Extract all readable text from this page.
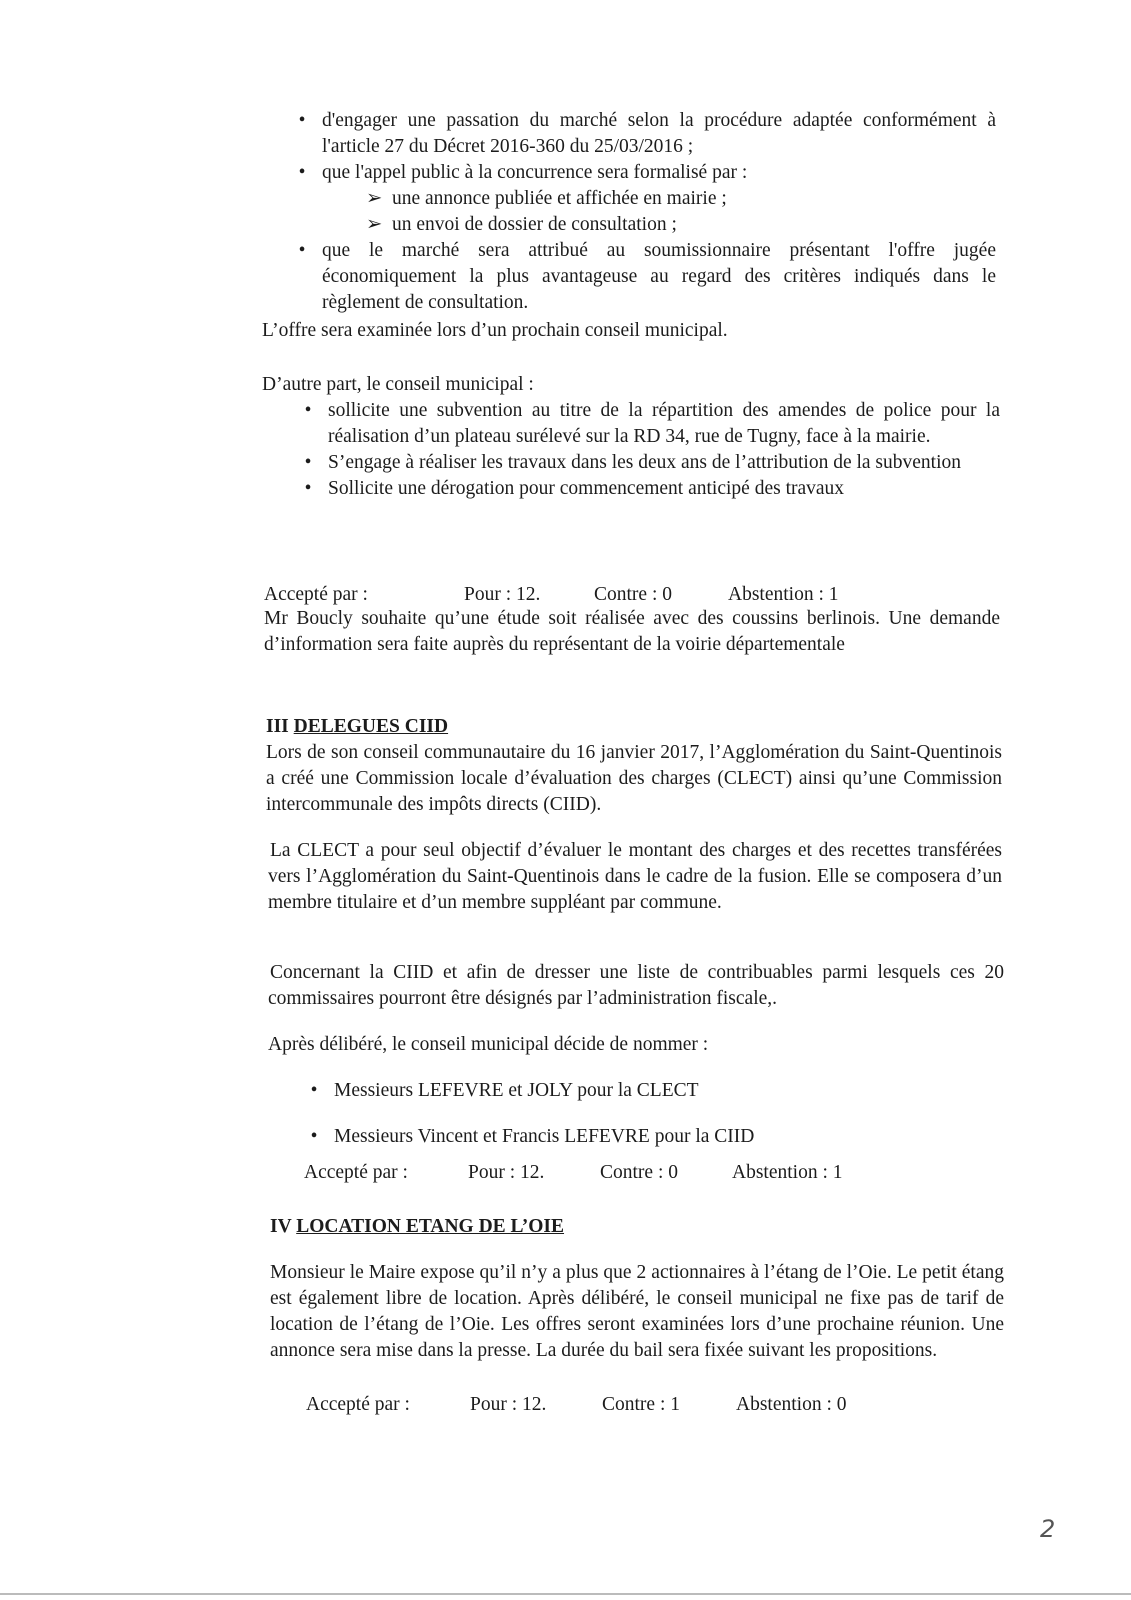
• d'engager une passation du marché selon la procédure adaptée conformément à l'article 27 du Décret 2016-360 du 25/03/2016 ;

• que l'appel public à la concurrence sera formalisé par :

➢ une annonce publiée et affichée en mairie ;

➢ un envoi de dossier de consultation ;

• que le marché sera attribué au soumissionnaire présentant l'offre jugée économiquement la plus avantageuse au regard des critères indiqués dans le règlement de consultation.

L’offre sera examinée lors d’un prochain conseil municipal.

D’autre part, le conseil municipal :

• sollicite une subvention au titre de la répartition des amendes de police pour la réalisation d’un plateau surélevé sur la RD 34, rue de Tugny, face à la mairie.

• S’engage à réaliser les travaux dans les deux ans de l’attribution de la subvention

• Sollicite une dérogation pour commencement anticipé des travaux

Accepté par :	Pour : 12.	Contre : 0	Abstention : 1

Mr Boucly souhaite qu’une étude soit réalisée avec des coussins berlinois. Une demande d’information sera faite auprès du représentant de la voirie départementale

III DELEGUES CIID

Lors de son conseil communautaire du 16 janvier 2017, l’Agglomération du Saint-Quentinois a créé une Commission locale d’évaluation des charges (CLECT) ainsi qu’une Commission intercommunale des impôts directs (CIID).

La CLECT a pour seul objectif d’évaluer le montant des charges et des recettes transférées vers l’Agglomération du Saint-Quentinois dans le cadre de la fusion. Elle se composera d’un membre titulaire et d’un membre suppléant par commune.

Concernant la CIID et afin de dresser une liste de contribuables parmi lesquels ces 20 commissaires pourront être désignés par l’administration fiscale,.

Après délibéré, le conseil municipal décide de nommer :

• Messieurs LEFEVRE et JOLY pour la CLECT

• Messieurs Vincent et Francis LEFEVRE pour la CIID

Accepté par :	Pour : 12.	Contre : 0	Abstention : 1
IV LOCATION ETANG DE L’OIE

Monsieur le Maire expose qu’il n’y a plus que 2 actionnaires à l’étang de l’Oie. Le petit étang est également libre de location. Après délibéré, le conseil municipal ne fixe pas de tarif de location de l’étang de l’Oie. Les offres seront examinées lors d’une prochaine réunion. Une annonce sera mise dans la presse. La durée du bail sera fixée suivant les propositions.

Accepté par :	Pour : 12.	Contre : 1	Abstention : 0
2
